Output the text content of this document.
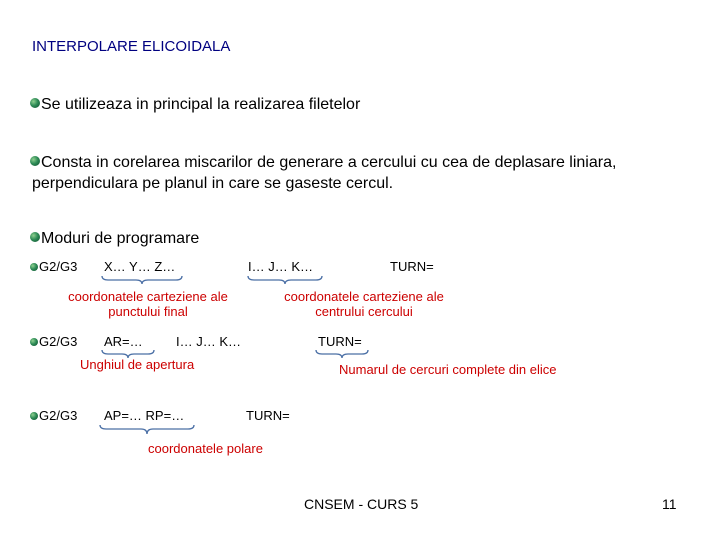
INTERPOLARE ELICOIDALA
Se utilizeaza in principal la realizarea filetelor
Consta in corelarea miscarilor de generare a cercului cu cea de deplasare liniara,
perpendiculara pe planul in care se gaseste cercul.
Moduri de programare
G2/G3 X… Y… Z…	I… J… K…	TURN=
coordonatele carteziene ale
punctului final
coordonatele carteziene ale
centrului cercului
G2/G3 AR=…	I… J… K…	TURN=
Unghiul de apertura	Numarul de cercuri complete din elice
G2/G3 AP=… RP=…	TURN=
coordonatele polare
CNSEM - CURS 5	11
